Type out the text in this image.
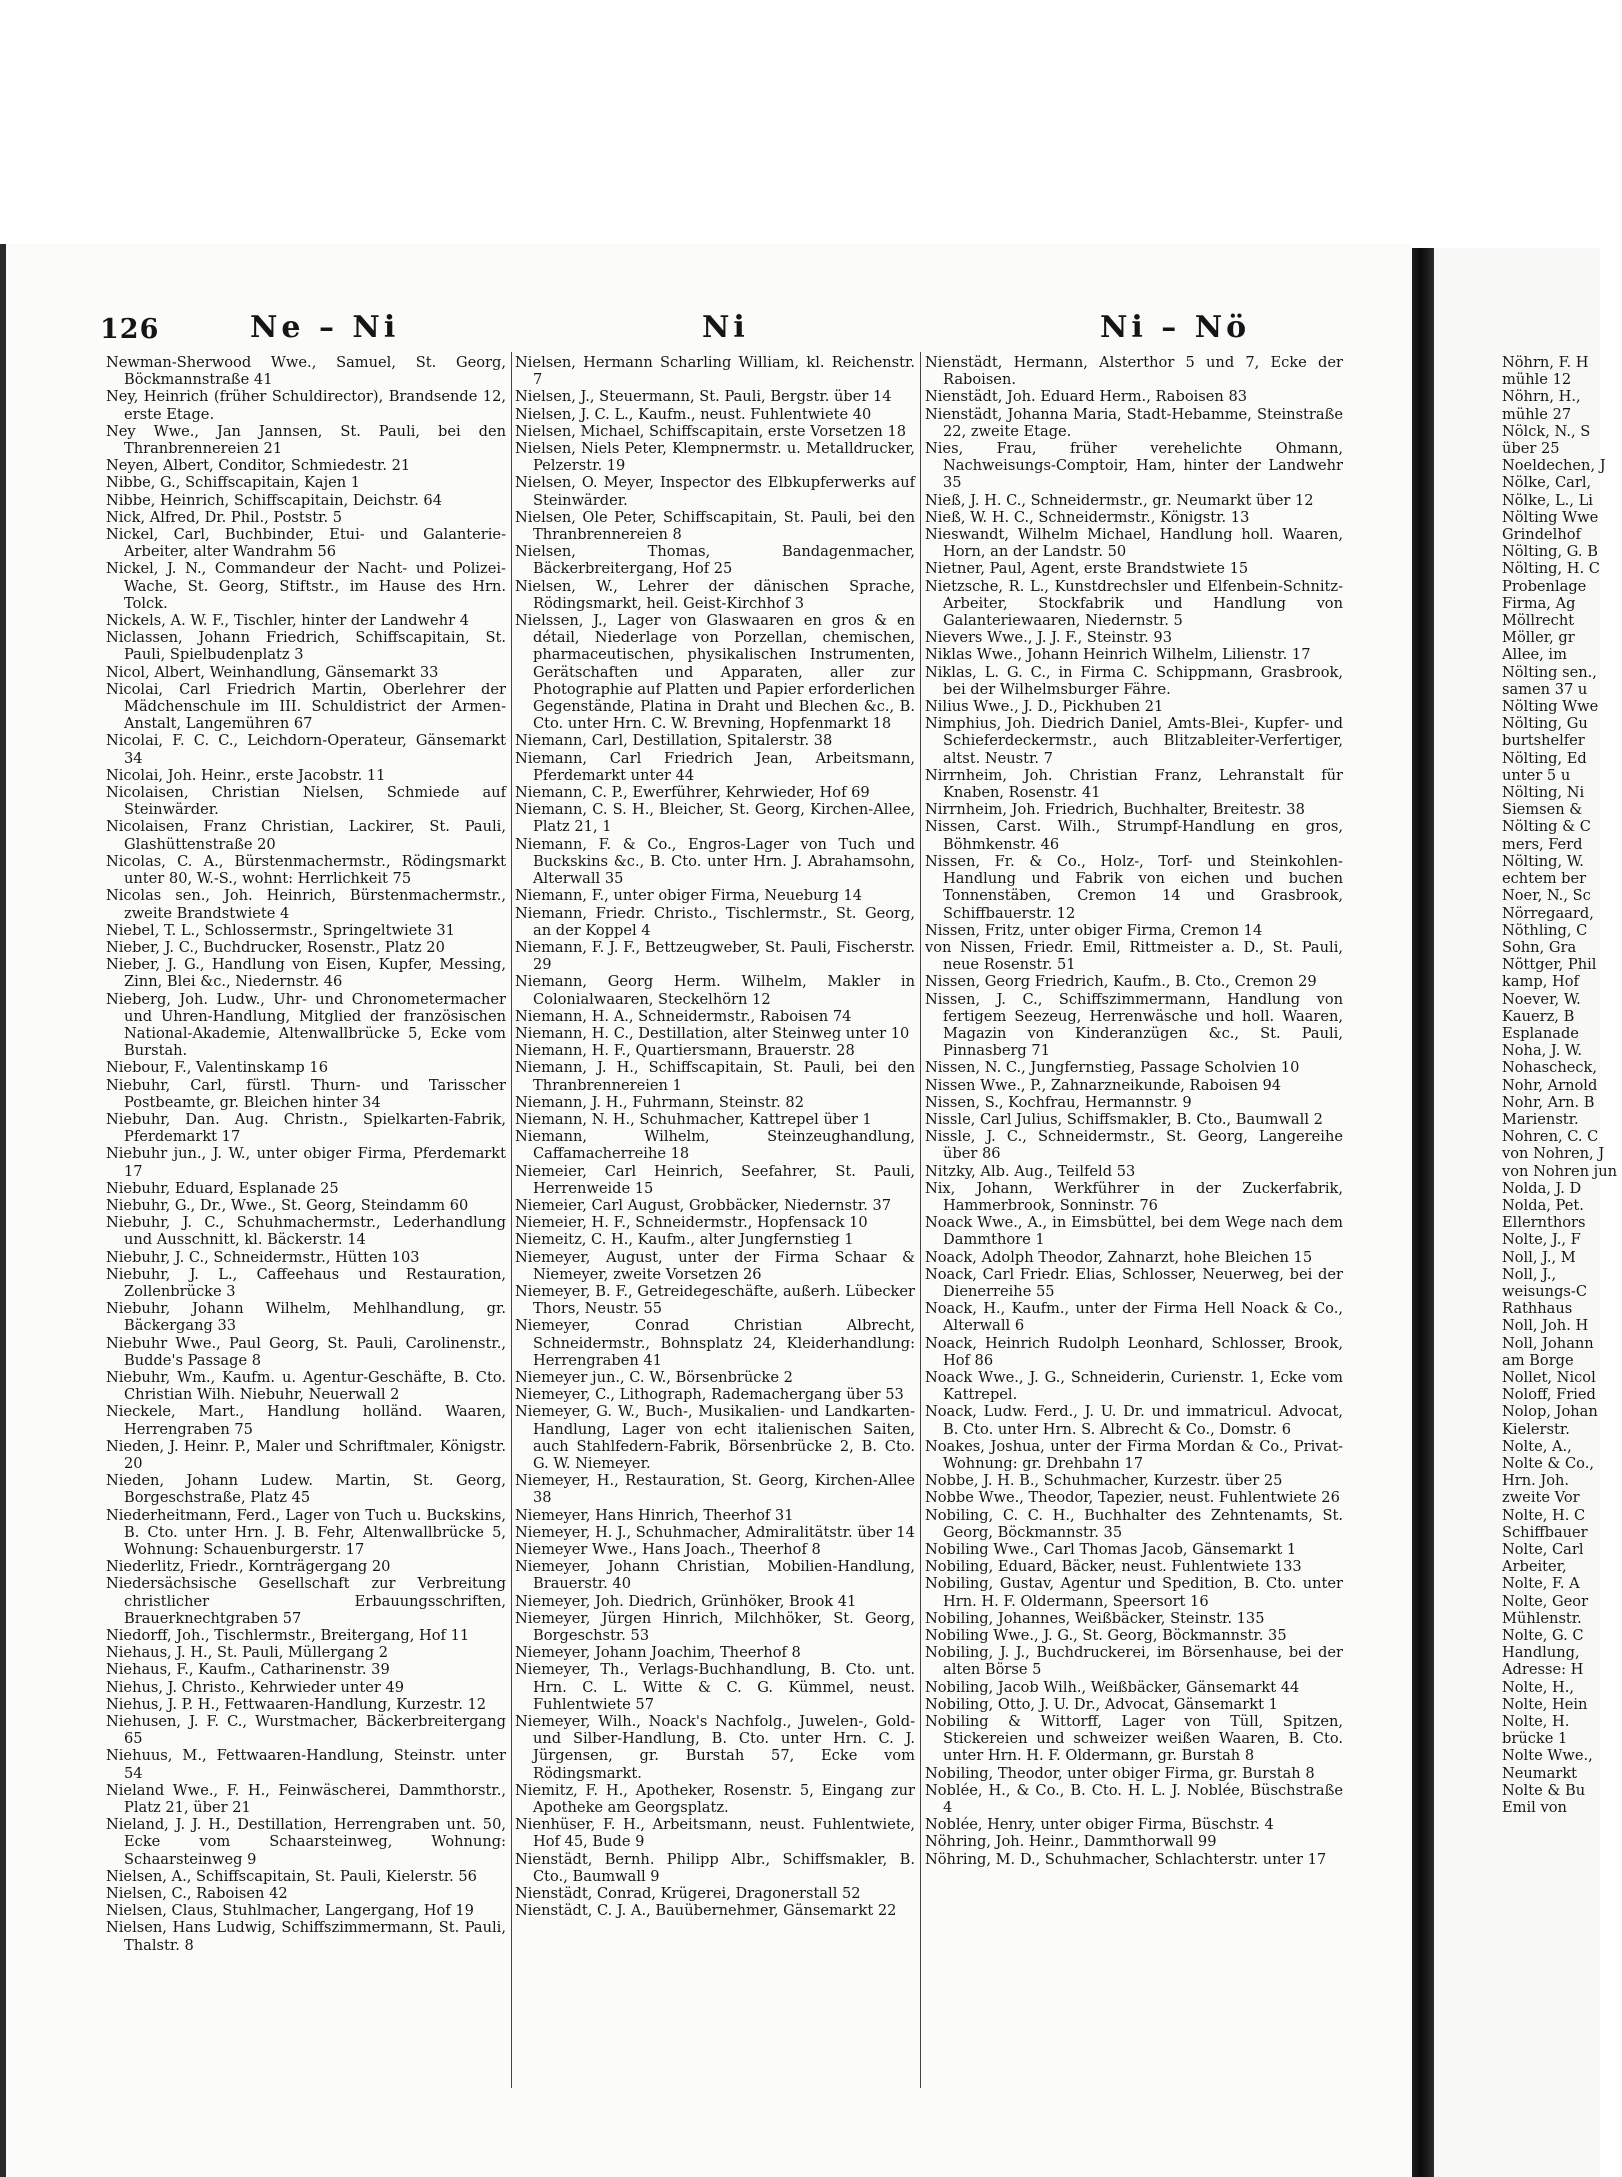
126	Ne – Ni	Ni	Ni – Nö

Newman-Sherwood Wwe., Samuel, St. Georg, Böckmannstraße 41

Ney, Heinrich (früher Schuldirector), Brandsende 12, erste Etage.

Ney Wwe., Jan Jannsen, St. Pauli, bei den Thranbrennereien 21

Neyen, Albert, Conditor, Schmiedestr. 21

Nibbe, G., Schiffscapitain, Kajen 1

Nibbe, Heinrich, Schiffscapitain, Deichstr. 64

Nick, Alfred, Dr. Phil., Poststr. 5

Nickel, Carl, Buchbinder, Etui- und Galanterie-Arbeiter, alter Wandrahm 56

Nickel, J. N., Commandeur der Nacht- und Polizei-Wache, St. Georg, Stiftstr., im Hause des Hrn. Tolck.

Nickels, A. W. F., Tischler, hinter der Landwehr 4

Niclassen, Johann Friedrich, Schiffscapitain, St. Pauli, Spielbudenplatz 3

Nicol, Albert, Weinhandlung, Gänsemarkt 33

Nicolai, Carl Friedrich Martin, Oberlehrer der Mädchenschule im III. Schuldistrict der Armen-Anstalt, Langemühren 67

Nicolai, F. C. C., Leichdorn-Operateur, Gänsemarkt 34

Nicolai, Joh. Heinr., erste Jacobstr. 11

Nicolaisen, Christian Nielsen, Schmiede auf Steinwärder.

Nicolaisen, Franz Christian, Lackirer, St. Pauli, Glashüttenstraße 20

Nicolas, C. A., Bürstenmachermstr., Rödingsmarkt unter 80, W.-S., wohnt: Herrlichkeit 75

Nicolas sen., Joh. Heinrich, Bürstenmachermstr., zweite Brandstwiete 4

Niebel, T. L., Schlossermstr., Springeltwiete 31

Nieber, J. C., Buchdrucker, Rosenstr., Platz 20

Nieber, J. G., Handlung von Eisen, Kupfer, Messing, Zinn, Blei &c., Niedernstr. 46

Nieberg, Joh. Ludw., Uhr- und Chronometermacher und Uhren-Handlung, Mitglied der französischen National-Akademie, Altenwallbrücke 5, Ecke vom Burstah.

Niebour, F., Valentinskamp 16

Niebuhr, Carl, fürstl. Thurn- und Tarisscher Postbeamte, gr. Bleichen hinter 34

Niebuhr, Dan. Aug. Christn., Spielkarten-Fabrik, Pferdemarkt 17

Niebuhr jun., J. W., unter obiger Firma, Pferdemarkt 17

Niebuhr, Eduard, Esplanade 25

Niebuhr, G., Dr., Wwe., St. Georg, Steindamm 60

Niebuhr, J. C., Schuhmachermstr., Lederhandlung und Ausschnitt, kl. Bäckerstr. 14

Niebuhr, J. C., Schneidermstr., Hütten 103

Niebuhr, J. L., Caffeehaus und Restauration, Zollenbrücke 3

Niebuhr, Johann Wilhelm, Mehlhandlung, gr. Bäckergang 33

Niebuhr Wwe., Paul Georg, St. Pauli, Carolinenstr., Budde's Passage 8

Niebuhr, Wm., Kaufm. u. Agentur-Geschäfte, B. Cto. Christian Wilh. Niebuhr, Neuerwall 2

Nieckele, Mart., Handlung holländ. Waaren, Herrengraben 75

Nieden, J. Heinr. P., Maler und Schriftmaler, Königstr. 20

Nieden, Johann Ludew. Martin, St. Georg, Borgeschstraße, Platz 45

Niederheitmann, Ferd., Lager von Tuch u. Buckskins, B. Cto. unter Hrn. J. B. Fehr, Altenwallbrücke 5, Wohnung: Schauenburgerstr. 17

Niederlitz, Friedr., Kornträgergang 20

Niedersächsische Gesellschaft zur Verbreitung christlicher Erbauungsschriften, Brauerknechtgraben 57

Niedorff, Joh., Tischlermstr., Breitergang, Hof 11

Niehaus, J. H., St. Pauli, Müllergang 2

Niehaus, F., Kaufm., Catharinenstr. 39

Niehus, J. Christo., Kehrwieder unter 49

Niehus, J. P. H., Fettwaaren-Handlung, Kurzestr. 12

Niehusen, J. F. C., Wurstmacher, Bäckerbreitergang 65

Niehuus, M., Fettwaaren-Handlung, Steinstr. unter 54

Nieland Wwe., F. H., Feinwäscherei, Dammthorstr., Platz 21, über 21

Nieland, J. J. H., Destillation, Herrengraben unt. 50, Ecke vom Schaarsteinweg, Wohnung: Schaarsteinweg 9

Nielsen, A., Schiffscapitain, St. Pauli, Kielerstr. 56

Nielsen, C., Raboisen 42

Nielsen, Claus, Stuhlmacher, Langergang, Hof 19

Nielsen, Hans Ludwig, Schiffszimmermann, St. Pauli, Thalstr. 8

Nielsen, Hermann Scharling William, kl. Reichenstr. 7

Nielsen, J., Steuermann, St. Pauli, Bergstr. über 14

Nielsen, J. C. L., Kaufm., neust. Fuhlentwiete 40

Nielsen, Michael, Schiffscapitain, erste Vorsetzen 18

Nielsen, Niels Peter, Klempnermstr. u. Metalldrucker, Pelzerstr. 19

Nielsen, O. Meyer, Inspector des Elbkupferwerks auf Steinwärder.

Nielsen, Ole Peter, Schiffscapitain, St. Pauli, bei den Thranbrennereien 8

Nielsen, Thomas, Bandagenmacher, Bäckerbreitergang, Hof 25

Nielsen, W., Lehrer der dänischen Sprache, Rödingsmarkt, heil. Geist-Kirchhof 3

Nielssen, J., Lager von Glaswaaren en gros & en détail, Niederlage von Porzellan, chemischen, pharmaceutischen, physikalischen Instrumenten, Gerätschaften und Apparaten, aller zur Photographie auf Platten und Papier erforderlichen Gegenstände, Platina in Draht und Blechen &c., B. Cto. unter Hrn. C. W. Brevning, Hopfenmarkt 18

Niemann, Carl, Destillation, Spitalerstr. 38

Niemann, Carl Friedrich Jean, Arbeitsmann, Pferdemarkt unter 44

Niemann, C. P., Ewerführer, Kehrwieder, Hof 69

Niemann, C. S. H., Bleicher, St. Georg, Kirchen-Allee, Platz 21, 1

Niemann, F. & Co., Engros-Lager von Tuch und Buckskins &c., B. Cto. unter Hrn. J. Abrahamsohn, Alterwall 35

Niemann, F., unter obiger Firma, Neueburg 14

Niemann, Friedr. Christo., Tischlermstr., St. Georg, an der Koppel 4

Niemann, F. J. F., Bettzeugweber, St. Pauli, Fischerstr. 29

Niemann, Georg Herm. Wilhelm, Makler in Colonialwaaren, Steckelhörn 12

Niemann, H. A., Schneidermstr., Raboisen 74

Niemann, H. C., Destillation, alter Steinweg unter 10

Niemann, H. F., Quartiersmann, Brauerstr. 28

Niemann, J. H., Schiffscapitain, St. Pauli, bei den Thranbrennereien 1

Niemann, J. H., Fuhrmann, Steinstr. 82

Niemann, N. H., Schuhmacher, Kattrepel über 1

Niemann, Wilhelm, Steinzeughandlung, Caffamacherreihe 18

Niemeier, Carl Heinrich, Seefahrer, St. Pauli, Herrenweide 15

Niemeier, Carl August, Grobbäcker, Niedernstr. 37

Niemeier, H. F., Schneidermstr., Hopfensack 10

Niemeitz, C. H., Kaufm., alter Jungfernstieg 1

Niemeyer, August, unter der Firma Schaar & Niemeyer, zweite Vorsetzen 26

Niemeyer, B. F., Getreidegeschäfte, außerh. Lübecker Thors, Neustr. 55

Niemeyer, Conrad Christian Albrecht, Schneidermstr., Bohnsplatz 24, Kleiderhandlung: Herrengraben 41

Niemeyer jun., C. W., Börsenbrücke 2

Niemeyer, C., Lithograph, Rademachergang über 53

Niemeyer, G. W., Buch-, Musikalien- und Landkarten-Handlung, Lager von echt italienischen Saiten, auch Stahlfedern-Fabrik, Börsenbrücke 2, B. Cto. G. W. Niemeyer.

Niemeyer, H., Restauration, St. Georg, Kirchen-Allee 38

Niemeyer, Hans Hinrich, Theerhof 31

Niemeyer, H. J., Schuhmacher, Admiralitätstr. über 14

Niemeyer Wwe., Hans Joach., Theerhof 8

Niemeyer, Johann Christian, Mobilien-Handlung, Brauerstr. 40

Niemeyer, Joh. Diedrich, Grünhöker, Brook 41

Niemeyer, Jürgen Hinrich, Milchhöker, St. Georg, Borgeschstr. 53

Niemeyer, Johann Joachim, Theerhof 8

Niemeyer, Th., Verlags-Buchhandlung, B. Cto. unt. Hrn. C. L. Witte & C. G. Kümmel, neust. Fuhlentwiete 57

Niemeyer, Wilh., Noack's Nachfolg., Juwelen-, Gold- und Silber-Handlung, B. Cto. unter Hrn. C. J. Jürgensen, gr. Burstah 57, Ecke vom Rödingsmarkt.

Niemitz, F. H., Apotheker, Rosenstr. 5, Eingang zur Apotheke am Georgsplatz.

Nienhüser, F. H., Arbeitsmann, neust. Fuhlentwiete, Hof 45, Bude 9

Nienstädt, Bernh. Philipp Albr., Schiffsmakler, B. Cto., Baumwall 9

Nienstädt, Conrad, Krügerei, Dragonerstall 52

Nienstädt, C. J. A., Bauübernehmer, Gänsemarkt 22

Nienstädt, Hermann, Alsterthor 5 und 7, Ecke der Raboisen.

Nienstädt, Joh. Eduard Herm., Raboisen 83

Nienstädt, Johanna Maria, Stadt-Hebamme, Steinstraße 22, zweite Etage.

Nies, Frau, früher verehelichte Ohmann, Nachweisungs-Comptoir, Ham, hinter der Landwehr 35

Nieß, J. H. C., Schneidermstr., gr. Neumarkt über 12

Nieß, W. H. C., Schneidermstr., Königstr. 13

Nieswandt, Wilhelm Michael, Handlung holl. Waaren, Horn, an der Landstr. 50

Nietner, Paul, Agent, erste Brandstwiete 15

Nietzsche, R. L., Kunstdrechsler und Elfenbein-Schnitz-Arbeiter, Stockfabrik und Handlung von Galanteriewaaren, Niedernstr. 5

Nievers Wwe., J. J. F., Steinstr. 93

Niklas Wwe., Johann Heinrich Wilhelm, Lilienstr. 17

Niklas, L. G. C., in Firma C. Schippmann, Grasbrook, bei der Wilhelmsburger Fähre.

Nilius Wwe., J. D., Pickhuben 21

Nimphius, Joh. Diedrich Daniel, Amts-Blei-, Kupfer- und Schieferdeckermstr., auch Blitzableiter-Verfertiger, altst. Neustr. 7

Nirrnheim, Joh. Christian Franz, Lehranstalt für Knaben, Rosenstr. 41

Nirrnheim, Joh. Friedrich, Buchhalter, Breitestr. 38

Nissen, Carst. Wilh., Strumpf-Handlung en gros, Böhmkenstr. 46

Nissen, Fr. & Co., Holz-, Torf- und Steinkohlen-Handlung und Fabrik von eichen und buchen Tonnenstäben, Cremon 14 und Grasbrook, Schiffbauerstr. 12

Nissen, Fritz, unter obiger Firma, Cremon 14

von Nissen, Friedr. Emil, Rittmeister a. D., St. Pauli, neue Rosenstr. 51

Nissen, Georg Friedrich, Kaufm., B. Cto., Cremon 29

Nissen, J. C., Schiffszimmermann, Handlung von fertigem Seezeug, Herrenwäsche und holl. Waaren, Magazin von Kinderanzügen &c., St. Pauli, Pinnasberg 71

Nissen, N. C., Jungfernstieg, Passage Scholvien 10

Nissen Wwe., P., Zahnarzneikunde, Raboisen 94

Nissen, S., Kochfrau, Hermannstr. 9

Nissle, Carl Julius, Schiffsmakler, B. Cto., Baumwall 2

Nissle, J. C., Schneidermstr., St. Georg, Langereihe über 86

Nitzky, Alb. Aug., Teilfeld 53

Nix, Johann, Werkführer in der Zuckerfabrik, Hammerbrook, Sonninstr. 76

Noack Wwe., A., in Eimsbüttel, bei dem Wege nach dem Dammthore 1

Noack, Adolph Theodor, Zahnarzt, hohe Bleichen 15

Noack, Carl Friedr. Elias, Schlosser, Neuerweg, bei der Dienerreihe 55

Noack, H., Kaufm., unter der Firma Hell Noack & Co., Alterwall 6

Noack, Heinrich Rudolph Leonhard, Schlosser, Brook, Hof 86

Noack Wwe., J. G., Schneiderin, Curienstr. 1, Ecke vom Kattrepel.

Noack, Ludw. Ferd., J. U. Dr. und immatricul. Advocat, B. Cto. unter Hrn. S. Albrecht & Co., Domstr. 6

Noakes, Joshua, unter der Firma Mordan & Co., Privat-Wohnung: gr. Drehbahn 17

Nobbe, J. H. B., Schuhmacher, Kurzestr. über 25

Nobbe Wwe., Theodor, Tapezier, neust. Fuhlentwiete 26

Nobiling, C. C. H., Buchhalter des Zehntenamts, St. Georg, Böckmannstr. 35

Nobiling Wwe., Carl Thomas Jacob, Gänsemarkt 1

Nobiling, Eduard, Bäcker, neust. Fuhlentwiete 133

Nobiling, Gustav, Agentur und Spedition, B. Cto. unter Hrn. H. F. Oldermann, Speersort 16

Nobiling, Johannes, Weißbäcker, Steinstr. 135

Nobiling Wwe., J. G., St. Georg, Böckmannstr. 35

Nobiling, J. J., Buchdruckerei, im Börsenhause, bei der alten Börse 5

Nobiling, Jacob Wilh., Weißbäcker, Gänsemarkt 44

Nobiling, Otto, J. U. Dr., Advocat, Gänsemarkt 1

Nobiling & Wittorff, Lager von Tüll, Spitzen, Stickereien und schweizer weißen Waaren, B. Cto. unter Hrn. H. F. Oldermann, gr. Burstah 8

Nobiling, Theodor, unter obiger Firma, gr. Burstah 8

Noblée, H., & Co., B. Cto. H. L. J. Noblée, Büschstraße 4

Noblée, Henry, unter obiger Firma, Büschstr. 4

Nöhring, Joh. Heinr., Dammthorwall 99

Nöhring, M. D., Schuhmacher, Schlachterstr. unter 17

Nöhrn, F. H

mühle 12

Nöhrn, H.,

mühle 27

Nölck, N., S

über 25

Noeldechen, J

Nölke, Carl,

Nölke, L., Li

Nölting Wwe

Grindelhof

Nölting, G. B

Nölting, H. C

Probenlage

Firma, Ag

Möllrecht

Möller, gr

Allee, im

Nölting sen.,

samen 37 u

Nölting Wwe

Nölting, Gu

burtshelfer

Nölting, Ed

unter 5 u

Nölting, Ni

Siemsen &

Nölting & C

mers, Ferd

Nölting, W.

echtem ber

Noer, N., Sc

Nörregaard,

Nöthling, C

Sohn, Gra

Nöttger, Phil

kamp, Hof

Noever, W.

Kauerz, B

Esplanade

Noha, J. W.

Nohascheck,

Nohr, Arnold

Nohr, Arn. B

Marienstr.

Nohren, C. C

von Nohren, J

von Nohren jun

Nolda, J. D

Nolda, Pet.

Ellernthors

Nolte, J., F

Noll, J., M

Noll, J.,

weisungs-C

Rathhaus

Noll, Joh. H

Noll, Johann

am Borge

Nollet, Nicol

Noloff, Fried

Nolop, Johan

Kielerstr.

Nolte, A.,

Nolte & Co.,

Hrn. Joh.

zweite Vor

Nolte, H. C

Schiffbauer

Nolte, Carl

Arbeiter,

Nolte, F. A

Nolte, Geor

Mühlenstr.

Nolte, G. C

Handlung,

Adresse: H

Nolte, H.,

Nolte, Hein

Nolte, H.

brücke 1

Nolte Wwe.,

Neumarkt

Nolte & Bu

Emil von
